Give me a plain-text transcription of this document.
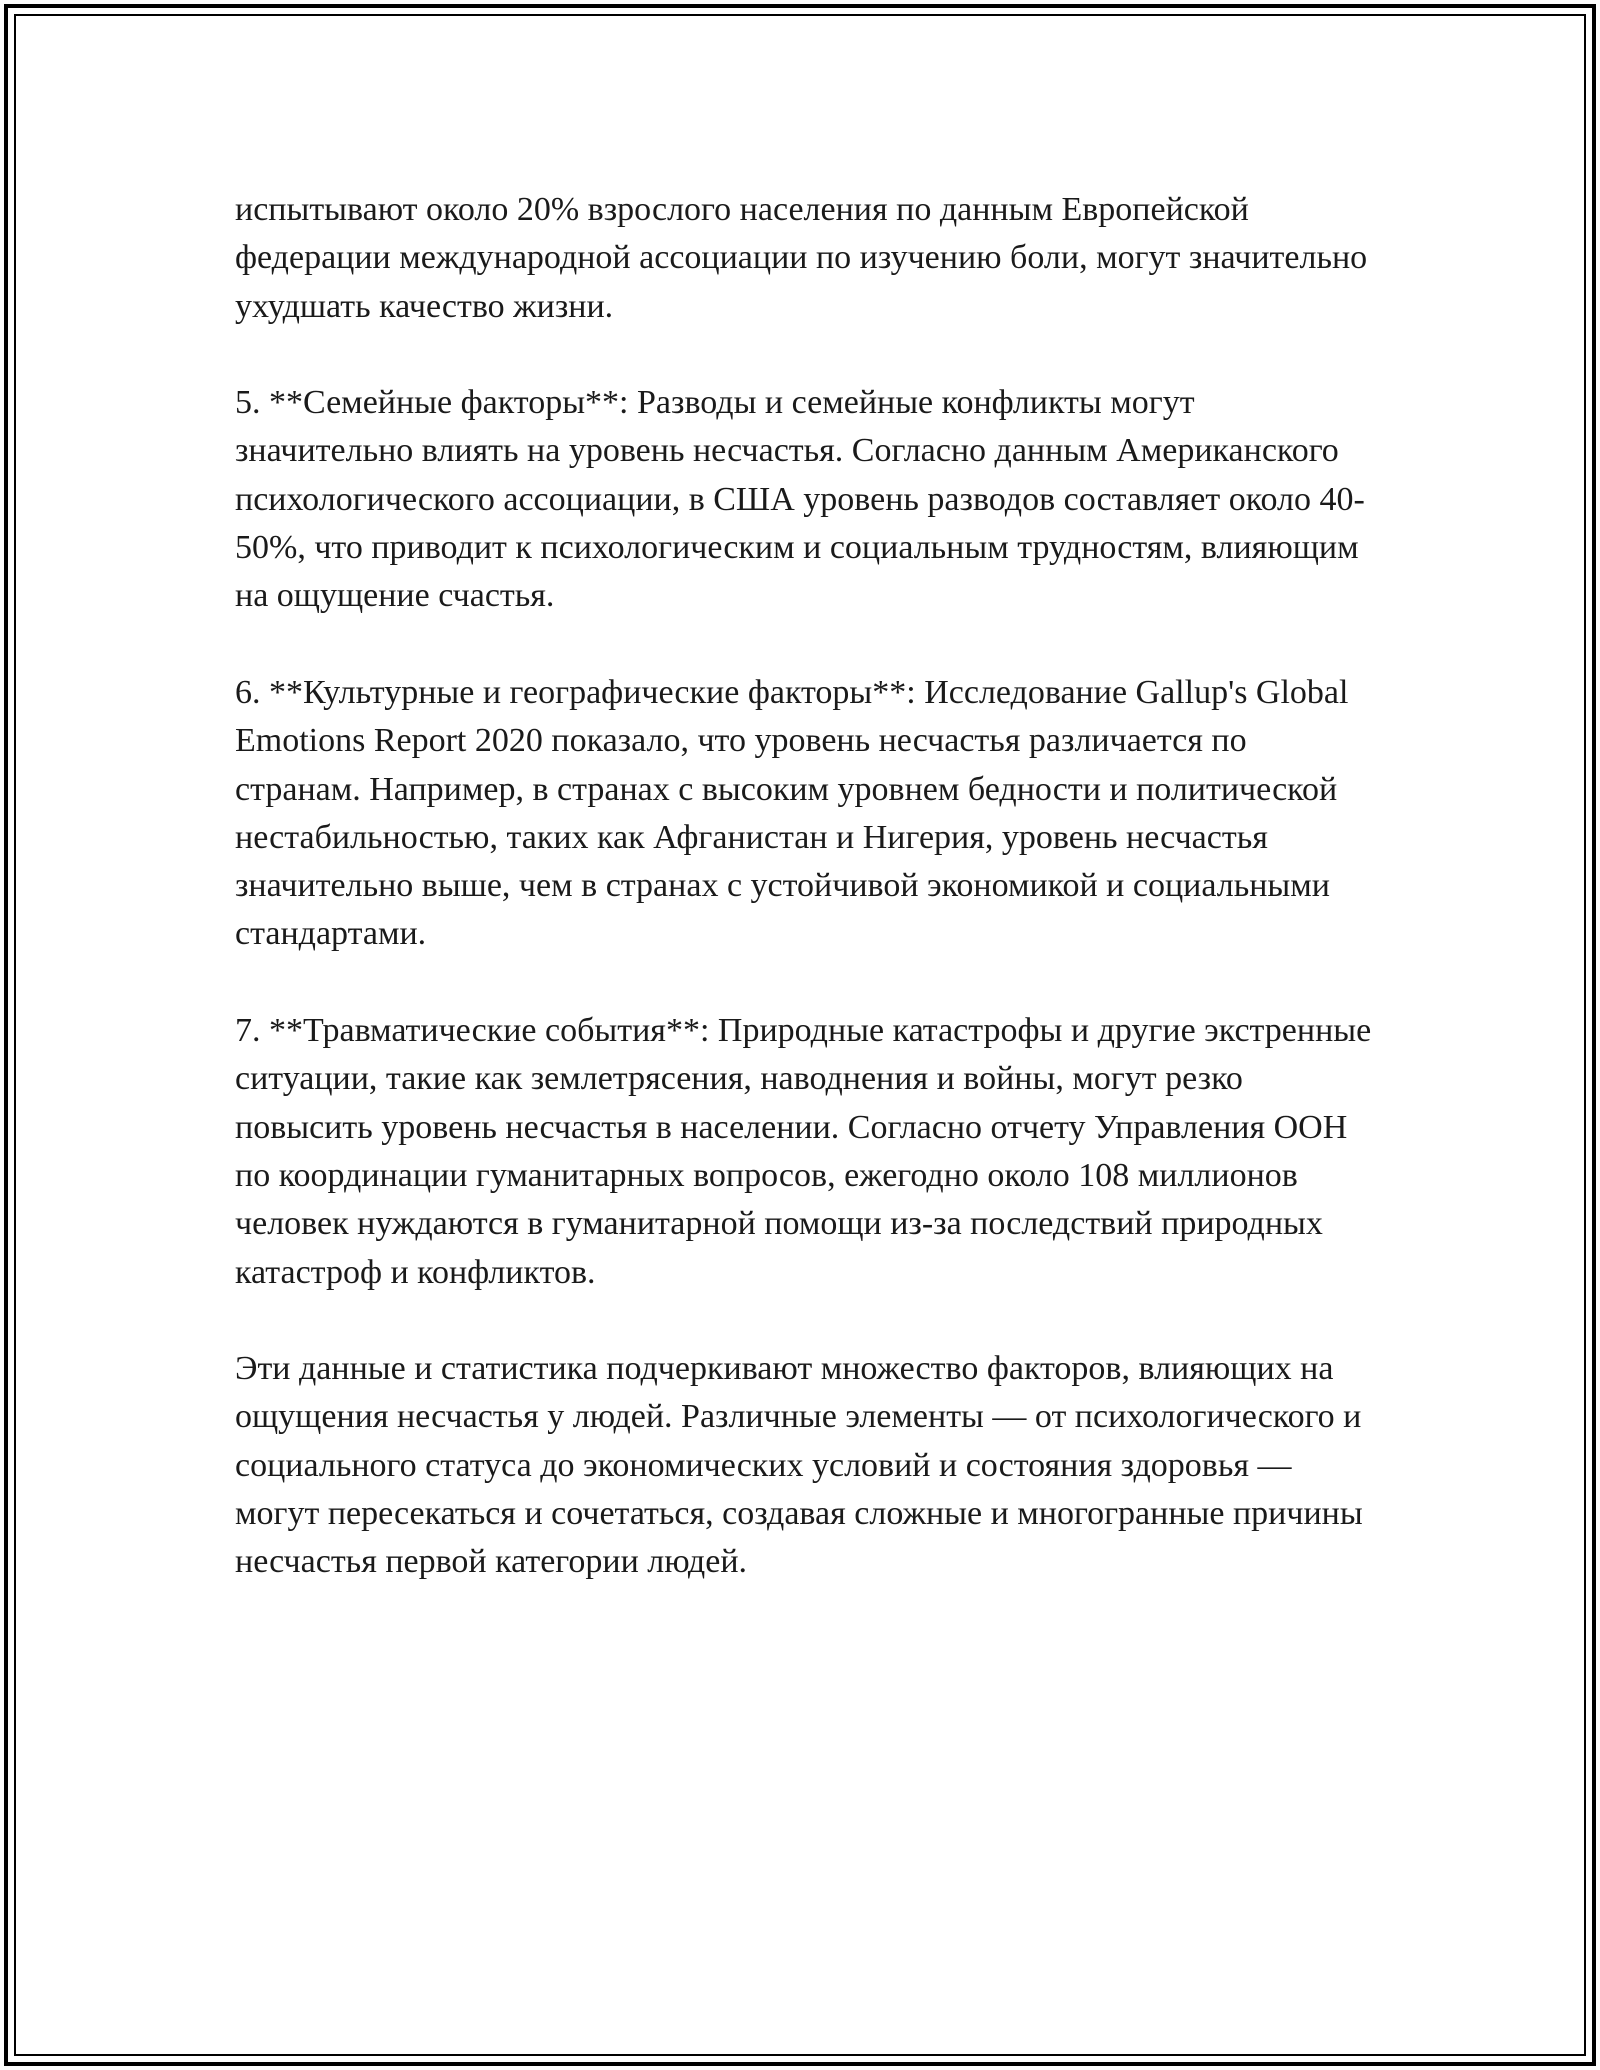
испытывают около 20% взрослого населения по данным Европейской федерации международной ассоциации по изучению боли, могут значительно ухудшать качество жизни.

5. **Семейные факторы**: Разводы и семейные конфликты могут значительно влиять на уровень несчастья. Согласно данным Американского психологического ассоциации, в США уровень разводов составляет около 40-50%, что приводит к психологическим и социальным трудностям, влияющим на ощущение счастья.

6. **Культурные и географические факторы**: Исследование Gallup's Global Emotions Report 2020 показало, что уровень несчастья различается по странам. Например, в странах с высоким уровнем бедности и политической нестабильностью, таких как Афганистан и Нигерия, уровень несчастья значительно выше, чем в странах с устойчивой экономикой и социальными стандартами.

7. **Травматические события**: Природные катастрофы и другие экстренные ситуации, такие как землетрясения, наводнения и войны, могут резко повысить уровень несчастья в населении. Согласно отчету Управления ООН по координации гуманитарных вопросов, ежегодно около 108 миллионов человек нуждаются в гуманитарной помощи из-за последствий природных катастроф и конфликтов.

Эти данные и статистика подчеркивают множество факторов, влияющих на ощущения несчастья у людей. Различные элементы — от психологического и социального статуса до экономических условий и состояния здоровья — могут пересекаться и сочетаться, создавая сложные и многогранные причины несчастья первой категории людей.
